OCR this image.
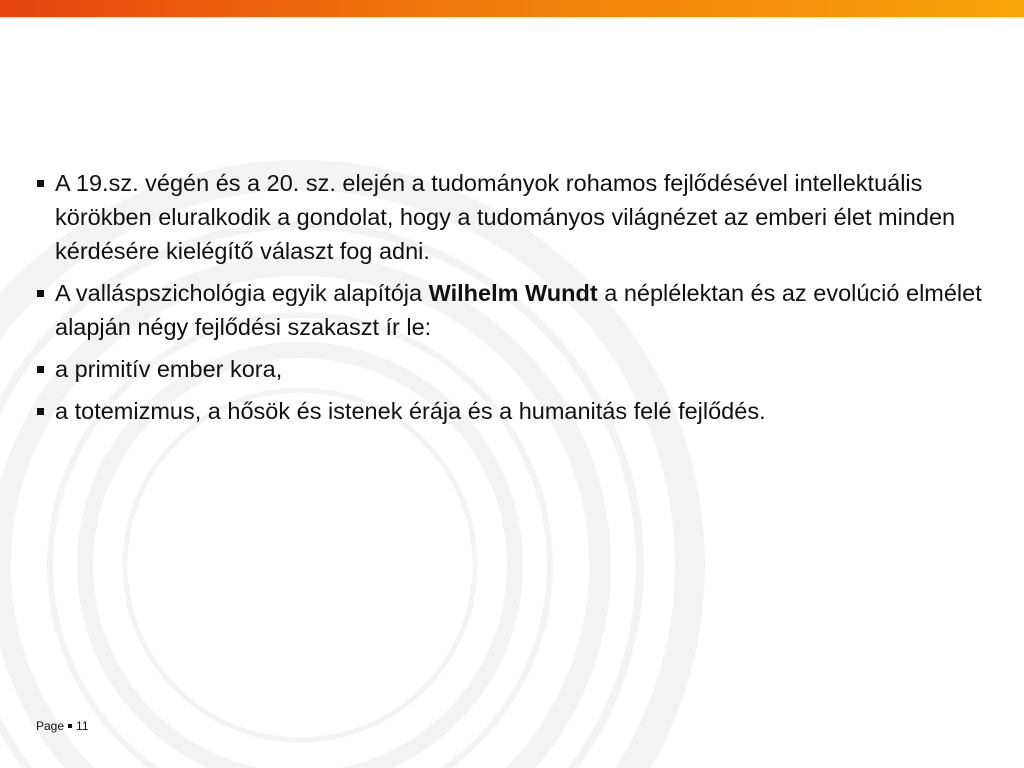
A 19.sz. végén és a 20. sz. elején a tudományok rohamos fejlődésével intellektuális körökben eluralkodik a gondolat, hogy a tudományos világnézet az emberi élet minden kérdésére kielégítő választ fog adni.
A valláspszichológia egyik alapítója Wilhelm Wundt a néplélektan és az evolúció elmélet alapján négy fejlődési szakaszt ír le:
a primitív ember kora,
a totemizmus, a hősök és istenek érája és a humanitás felé fejlődés.
Page 11
